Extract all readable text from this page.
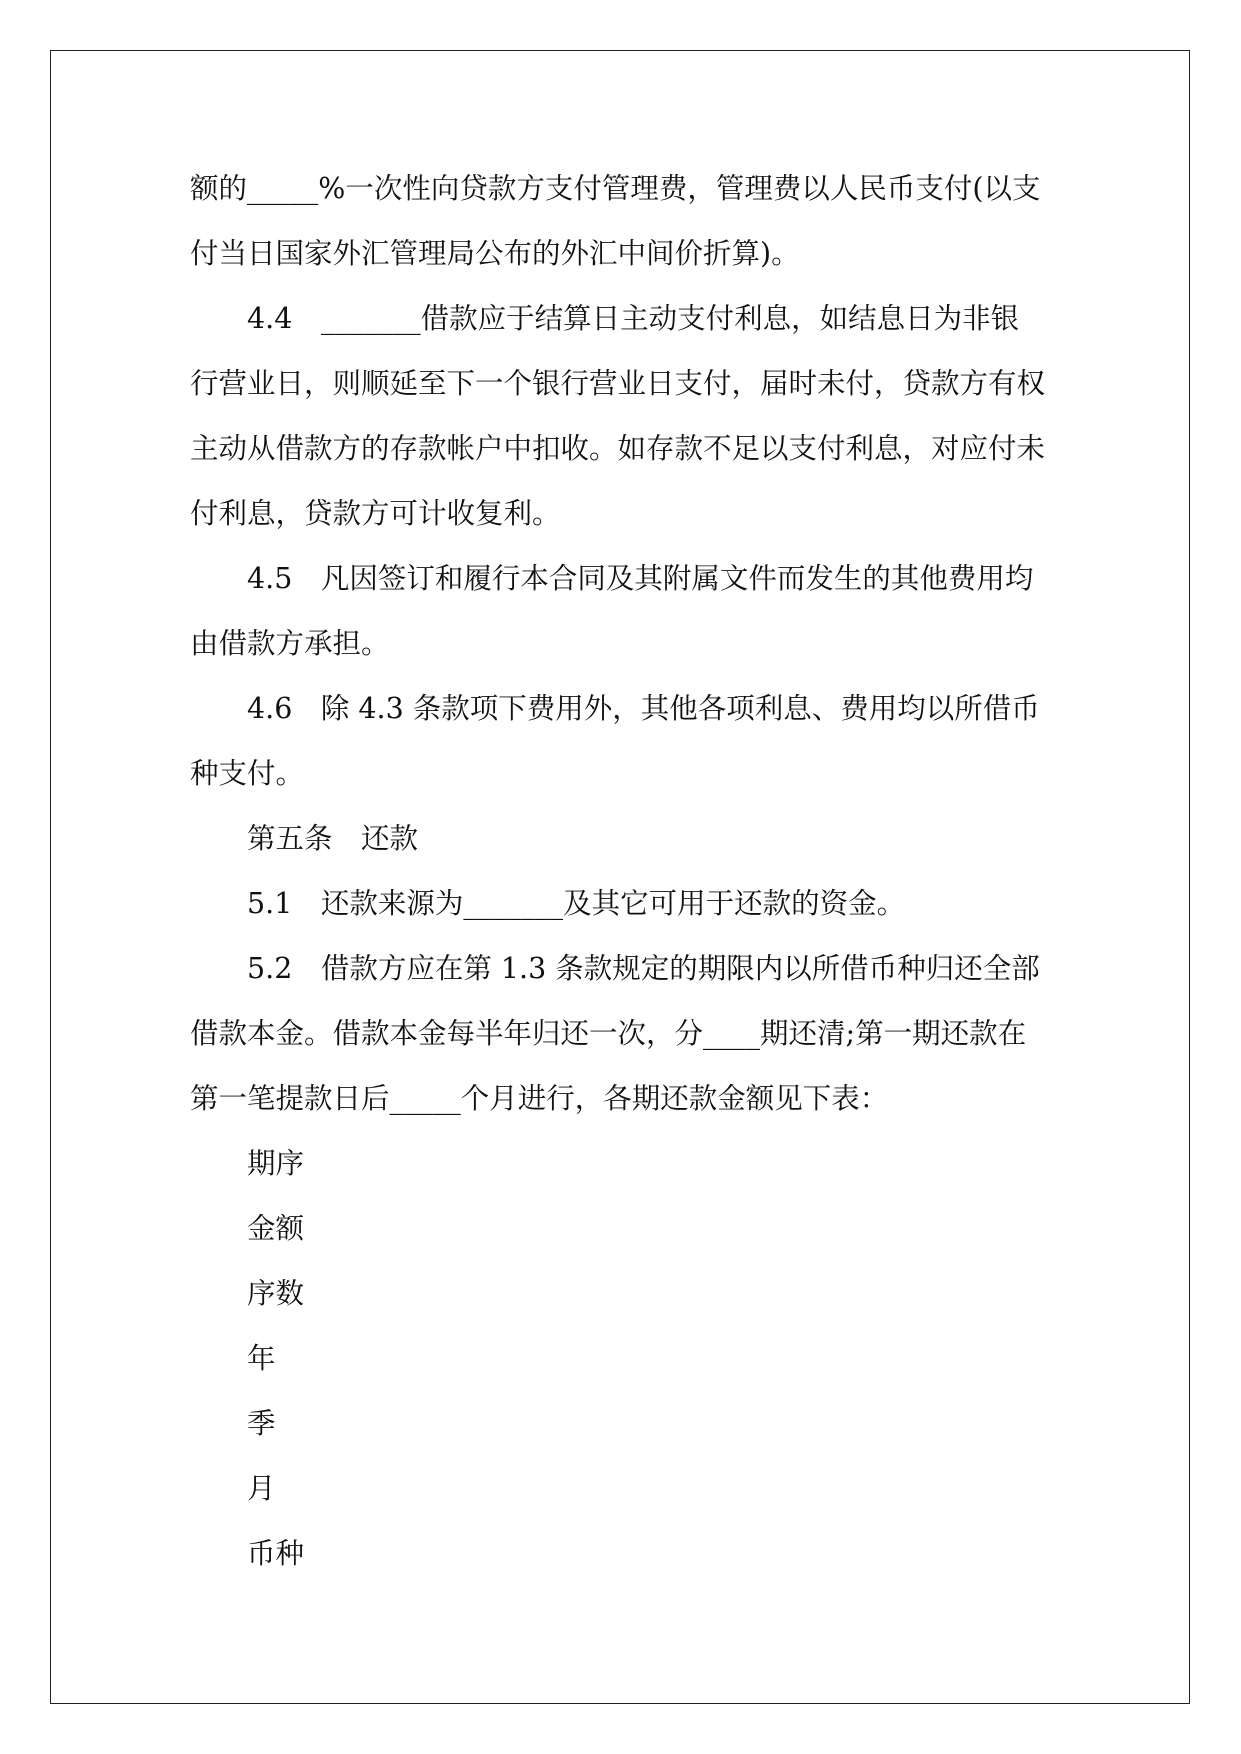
额的_____%一次性向贷款方支付管理费，管理费以人民币支付(以支
付当日国家外汇管理局公布的外汇中间价折算)。
4.4　_______借款应于结算日主动支付利息，如结息日为非银
行营业日，则顺延至下一个银行营业日支付，届时未付，贷款方有权
主动从借款方的存款帐户中扣收。如存款不足以支付利息，对应付未
付利息，贷款方可计收复利。
4.5　凡因签订和履行本合同及其附属文件而发生的其他费用均
由借款方承担。
4.6　除 4.3 条款项下费用外，其他各项利息、费用均以所借币
种支付。
第五条　还款
5.1　还款来源为_______及其它可用于还款的资金。
5.2　借款方应在第 1.3 条款规定的期限内以所借币种归还全部
借款本金。借款本金每半年归还一次，分____期还清;第一期还款在
第一笔提款日后_____个月进行，各期还款金额见下表：
期序
金额
序数
年
季
月
币种
